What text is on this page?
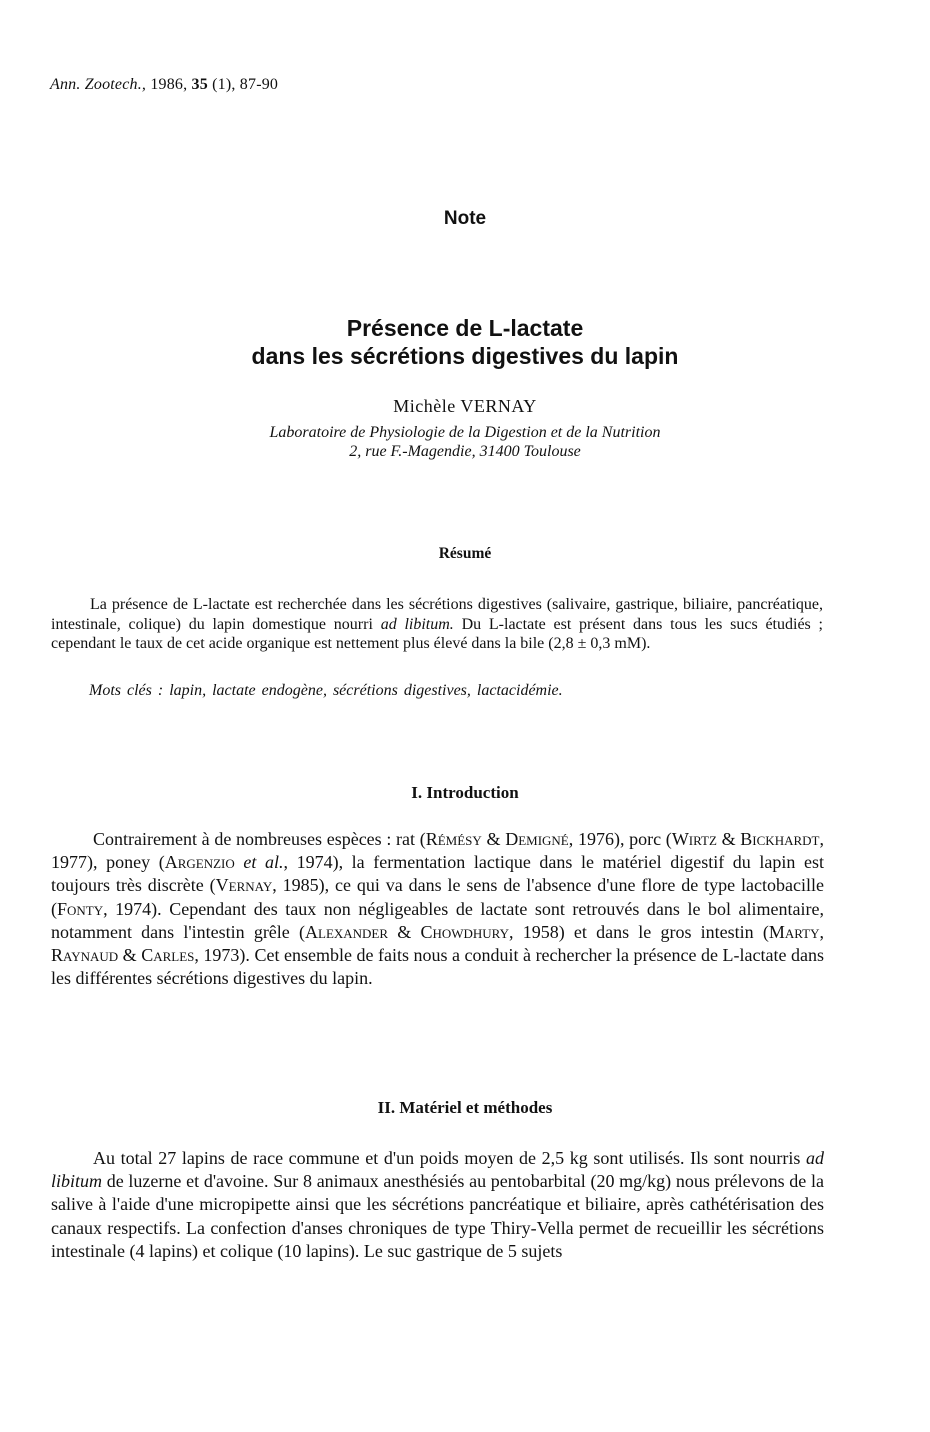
Ann. Zootech., 1986, 35 (1), 87-90
Note
Présence de L-lactate
dans les sécrétions digestives du lapin
Michèle VERNAY
Laboratoire de Physiologie de la Digestion et de la Nutrition
2, rue F.-Magendie, 31400 Toulouse
Résumé

La présence de L-lactate est recherchée dans les sécrétions digestives (salivaire, gastrique, biliaire, pancréatique, intestinale, colique) du lapin domestique nourri ad libitum. Du L-lactate est présent dans tous les sucs étudiés ; cependant le taux de cet acide organique est nettement plus élevé dans la bile (2,8 ± 0,3 mM).

Mots clés : lapin, lactate endogène, sécrétions digestives, lactacidémie.
I. Introduction

Contrairement à de nombreuses espèces : rat (Rémésy & Demigné, 1976), porc (Wirtz & Bickhardt, 1977), poney (Argenzio et al., 1974), la fermentation lactique dans le matériel digestif du lapin est toujours très discrète (Vernay, 1985), ce qui va dans le sens de l'absence d'une flore de type lactobacille (Fonty, 1974). Cependant des taux non négligeables de lactate sont retrouvés dans le bol alimentaire, notamment dans l'intestin grêle (Alexander & Chowdhury, 1958) et dans le gros intestin (Marty, Raynaud & Carles, 1973). Cet ensemble de faits nous a conduit à rechercher la présence de L-lactate dans les différentes sécrétions digestives du lapin.

II. Matériel et méthodes

Au total 27 lapins de race commune et d'un poids moyen de 2,5 kg sont utilisés. Ils sont nourris ad libitum de luzerne et d'avoine. Sur 8 animaux anesthésiés au pentobarbital (20 mg/kg) nous prélevons de la salive à l'aide d'une micropipette ainsi que les sécrétions pancréatique et biliaire, après cathétérisation des canaux respectifs. La confection d'anses chroniques de type Thiry-Vella permet de recueillir les sécrétions intestinale (4 lapins) et colique (10 lapins). Le suc gastrique de 5 sujets
